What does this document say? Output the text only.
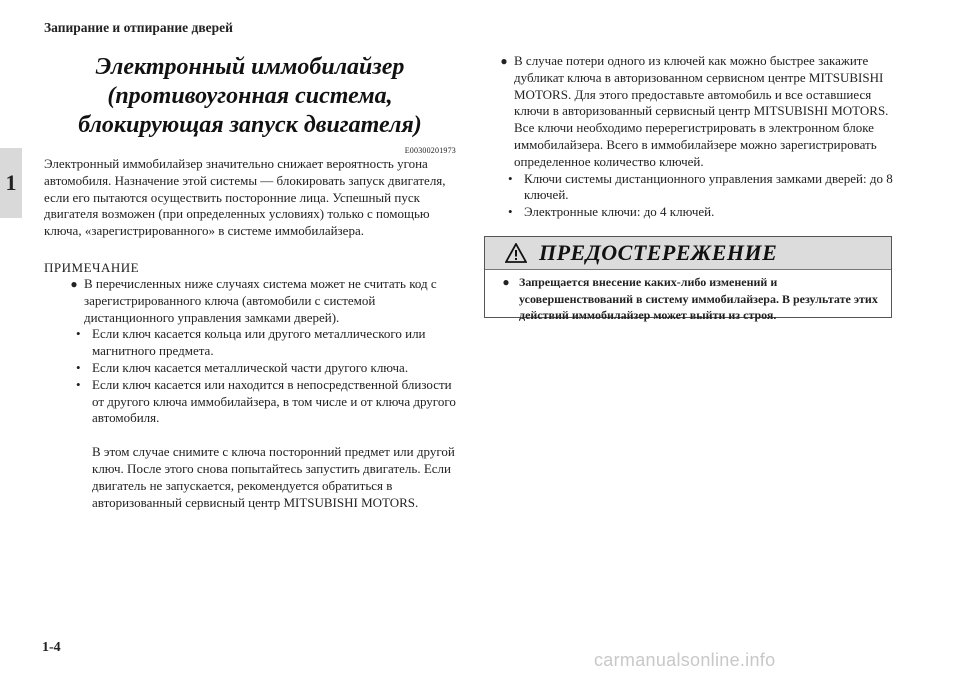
Запирание и отпирание дверей
1
Электронный иммобилайзер (противоугонная система, блокирующая запуск двигателя)
E00300201973
Электронный иммобилайзер значительно снижает вероятность угона автомобиля. Назначение этой системы — блокировать запуск двигателя, если его пытаются осуществить посторонние лица. Успешный пуск двигателя возможен (при определенных условиях) только с помощью ключа, «зарегистрированного» в системе иммобилайзера.
ПРИМЕЧАНИЕ
● В перечисленных ниже случаях система может не считать код с зарегистрированного ключа (автомобили с системой дистанционного управления замками дверей).
• Если ключ касается кольца или другого металлического или магнитного предмета.
• Если ключ касается металлической части другого ключа.
• Если ключ касается или находится в непосредственной близости от другого ключа иммобилайзера, в том числе и от ключа другого автомобиля.
В этом случае снимите с ключа посторонний предмет или другой ключ. После этого снова попытайтесь запустить двигатель. Если двигатель не запускается, рекомендуется обратиться в авторизованный сервисный центр MITSUBISHI MOTORS.
● В случае потери одного из ключей как можно быстрее закажите дубликат ключа в авторизованном сервисном центре MITSUBISHI MOTORS. Для этого предоставьте автомобиль и все оставшиеся ключи в авторизованный сервисный центр MITSUBISHI MOTORS. Все ключи необходимо перерегистрировать в электронном блоке иммобилайзера. Всего в иммобилайзере можно зарегистрировать определенное количество ключей.
• Ключи системы дистанционного управления замками дверей: до 8 ключей.
• Электронные ключи: до 4 ключей.
ПРЕДОСТЕРЕЖЕНИЕ
● Запрещается внесение каких-либо изменений и усовершенствований в систему иммобилайзера. В результате этих действий иммобилайзер может выйти из строя.
1-4
carmanualsonline.info
